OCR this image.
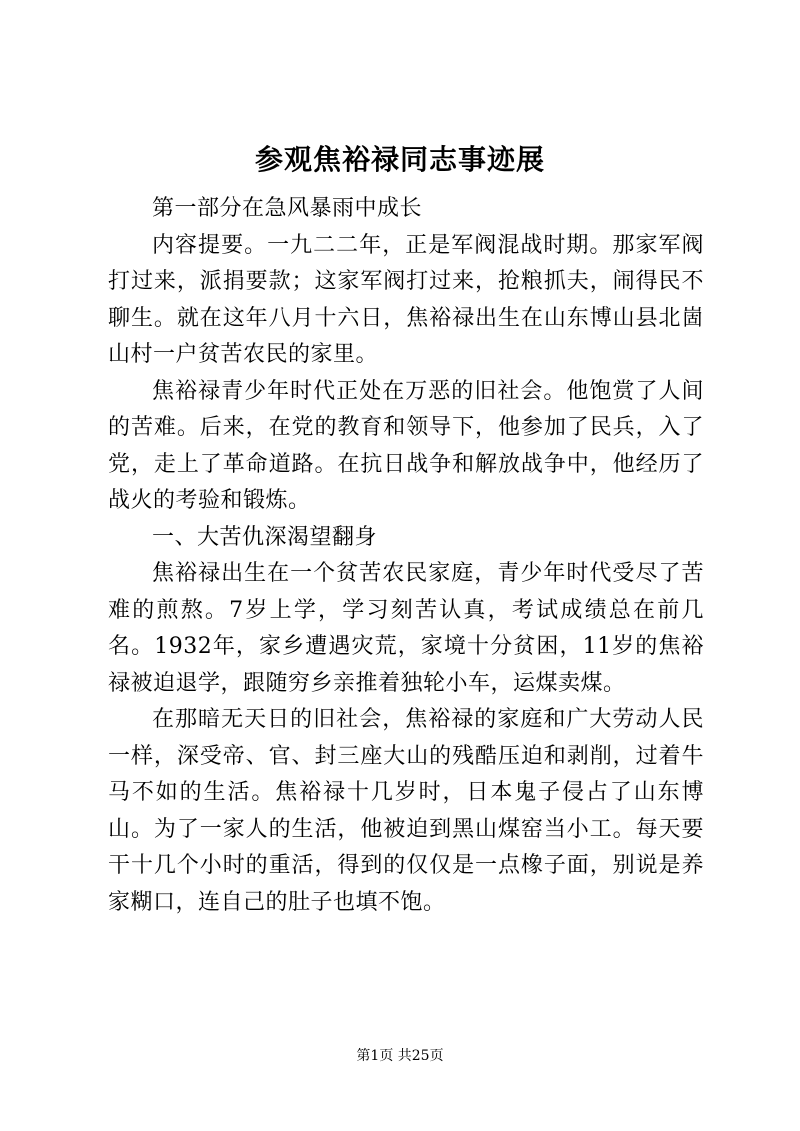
参观焦裕禄同志事迹展

第一部分在急风暴雨中成长

内容提要。一九二二年，正是军阀混战时期。那家军阀打过来，派捐要款；这家军阀打过来，抢粮抓夫，闹得民不聊生。就在这年八月十六日，焦裕禄出生在山东博山县北崮山村一户贫苦农民的家里。

焦裕禄青少年时代正处在万恶的旧社会。他饱赏了人间的苦难。后来，在党的教育和领导下，他参加了民兵，入了党，走上了革命道路。在抗日战争和解放战争中，他经历了战火的考验和锻炼。

一、大苦仇深渴望翻身

焦裕禄出生在一个贫苦农民家庭，青少年时代受尽了苦难的煎熬。7岁上学，学习刻苦认真，考试成绩总在前几名。1932年，家乡遭遇灾荒，家境十分贫困，11岁的焦裕禄被迫退学，跟随穷乡亲推着独轮小车，运煤卖煤。

在那暗无天日的旧社会，焦裕禄的家庭和广大劳动人民一样，深受帝、官、封三座大山的残酷压迫和剥削，过着牛马不如的生活。焦裕禄十几岁时，日本鬼子侵占了山东博山。为了一家人的生活，他被迫到黑山煤窑当小工。每天要干十几个小时的重活，得到的仅仅是一点橡子面，别说是养家糊口，连自己的肚子也填不饱。

第1页 共25页
